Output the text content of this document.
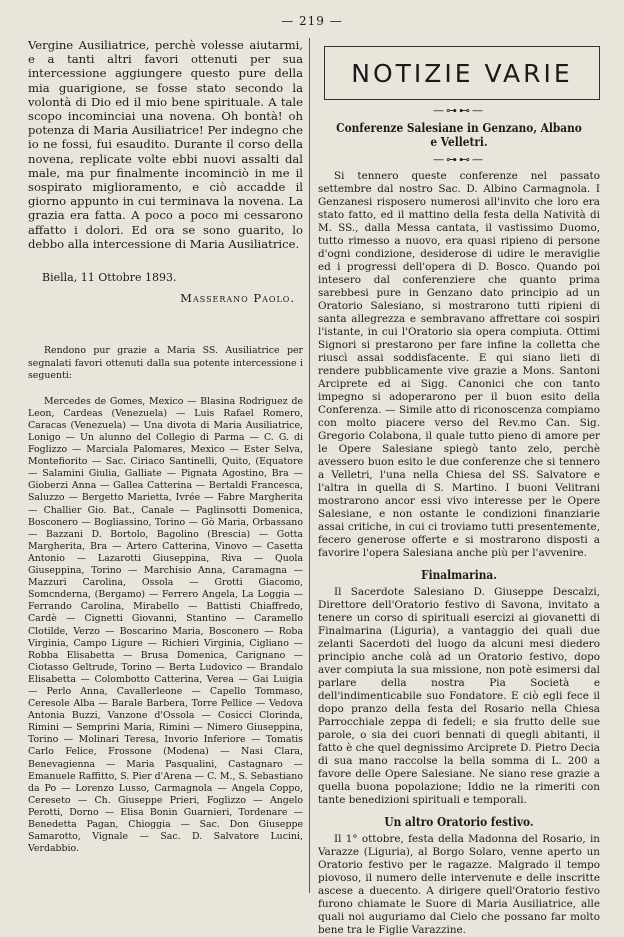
— 219 —

Vergine Ausiliatrice, perchè volesse aiutarmi, e a tanti altri favori ottenuti per sua intercessione aggiungere questo pure della mia guarigione, se fosse stato secondo la volontà di Dio ed il mio bene spirituale. A tale scopo incominciai una novena. Oh bontà! oh potenza di Maria Ausiliatrice! Per indegno che io ne fossi, fui esaudito. Durante il corso della novena, replicate volte ebbi nuovi assalti dal male, ma pur finalmente incominciò in me il sospirato miglioramento, e ciò accadde il giorno appunto in cui terminava la novena. La grazia era fatta. A poco a poco mi cessarono affatto i dolori. Ed ora se sono guarito, lo debbo alla intercessione di Maria Ausiliatrice.

Biella, 11 Ottobre 1893.

Masserano Paolo.

Rendono pur grazie a Maria SS. Ausiliatrice per segnalati favori ottenuti dalla sua potente intercessione i seguenti:

Mercedes de Gomes, Mexico — Blasina Rodriguez de Leon, Cardeas (Venezuela) — Luis Rafael Romero, Caracas (Venezuela) — Una divota di Maria Ausiliatrice, Lonigo — Un alunno del Collegio di Parma — C. G. di Foglizzo — Marciala Palomares, Mexico — Ester Selva, Montefiorito — Sac. Ciriaco Santinelli, Quito, (Equatore — Salamini Giulia, Galliate — Pignata Agostino, Bra — Gioberzi Anna — Gallea Catterina — Bertaldi Francesca, Saluzzo — Bergetto Marietta, Ivrée — Fabre Margherita — Challier Gio. Bat., Canale — Paglinsotti Domenica, Bosconero — Bogliassino, Torino — Gò Maria, Orbassano — Bazzani D. Bortolo, Bagolino (Brescia) — Gotta Margherita, Bra — Artero Catterina, Vinovo — Casetta Antonio — Lazarotti Giuseppina, Riva — Quola Giuseppina, Torino — Marchisio Anna, Caramagna — Mazzuri Carolina, Ossola — Grotti Giacomo, Somcnderna, (Bergamo) — Ferrero Angela, La Loggia — Ferrando Carolina, Mirabello — Battisti Chiaffredo, Cardè — Cignetti Giovanni, Stantino — Caramello Clotilde, Verzo — Boscarino Maria, Bosconero — Roba Virginia, Campo Ligure — Richieri Virginia, Cigliano — Robba Elisabetta — Brusa Domenica, Carignano — Ciotasso Geltrude, Torino — Berta Ludovico — Brandalo Elisabetta — Colombotto Catterina, Verea — Gai Luigia — Perlo Anna, Cavallerleone — Capello Tommaso, Ceresole Alba — Barale Barbera, Torre Pellice — Vedova Antonia Buzzi, Vanzone d'Ossola — Cosicci Clorinda, Rimini — Semprini Maria, Rimini — Nimero Giuseppina, Torino — Molinari Teresa, Invorio Inferiore — Tomatis Carlo Felice, Frossone (Modena) — Nasi Clara, Benevagienna — Maria Pasqualini, Castagnaro — Emanuele Raffitto, S. Pier d'Arena — C. M., S. Sebastiano da Po — Lorenzo Lusso, Carmagnola — Angela Coppo, Cereseto — Ch. Giuseppe Prieri, Foglizzo — Angelo Perotti, Dorno — Elisa Bonin Guarnieri, Tordenare — Benedetta Pagan, Chioggia — Sac. Don Giuseppe Samarotto, Vignale — Sac. D. Salvatore Lucini, Verdabbio.

NOTIZIE VARIE
—⊶⊷—
Conferenze Salesiane in Genzano, Albano e Velletri.
—⊶⊷—

Si tennero queste conferenze nel passato settembre dal nostro Sac. D. Albino Carmagnola. I Genzanesi risposero numerosi all'invito che loro era stato fatto, ed il mattino della festa della Natività di M. SS., dalla Messa cantata, il vastissimo Duomo, tutto rimesso a nuovo, era quasi ripieno di persone d'ogni condizione, desiderose di udire le meraviglie ed i progressi dell'opera di D. Bosco. Quando poi intesero dal conferenziere che quanto prima sarebbesi pure in Genzano dato principio ad un Oratorio Salesiano, si mostrarono tutti ripieni di santa allegrezza e sembravano affrettare coi sospiri l'istante, in cui l'Oratorio sia opera compiuta. Ottimi Signori si prestarono per fare infine la colletta che riuscì assai soddisfacente. E qui siano lieti di rendere pubblicamente vive grazie a Mons. Santoni Arciprete ed ai Sigg. Canonici che con tanto impegno si adoperarono per il buon esito della Conferenza. — Simile atto di riconoscenza compiamo con molto piacere verso del Rev.mo Can. Sig. Gregorio Colabona, il quale tutto pieno di amore per le Opere Salesiane spiegò tanto zelo, perchè avessero buon esito le due conferenze che si tennero a Velletri, l'una nella Chiesa del SS. Salvatore e l'altra in quella di S. Martino. I buoni Velitrani mostrarono ancor essi vivo interesse per le Opere Salesiane, e non ostante le condizioni finanziarie assai critiche, in cui ci troviamo tutti presentemente, fecero generose offerte e si mostrarono disposti a favorire l'opera Salesiana anche più per l'avvenire.

Finalmarina.

Il Sacerdote Salesiano D. Giuseppe Descalzi, Direttore dell'Oratorio festivo di Savona, invitato a tenere un corso di spirituali esercizi ai giovanetti di Finalmarina (Liguria), a vantaggio dei quali due zelanti Sacerdoti del luogo da alcuni mesi diedero principio anche colà ad un Oratorio festivo, dopo aver compiuta la sua missione, non potè esimersi dal parlare della nostra Pia Società e dell'indimenticabile suo Fondatore. E ciò egli fece il dopo pranzo della festa del Rosario nella Chiesa Parrocchiale zeppa di fedeli; e sia frutto delle sue parole, o sia dei cuori bennati di quegli abitanti, il fatto è che quel degnissimo Arciprete D. Pietro Decia di sua mano raccolse la bella somma di L. 200 a favore delle Opere Salesiane. Ne siano rese grazie a quella buona popolazione; Iddio ne la rimeriti con tante benedizioni spirituali e temporali.

Un altro Oratorio festivo.

Il 1° ottobre, festa della Madonna del Rosario, in Varazze (Liguria), al Borgo Solaro, venne aperto un Oratorio festivo per le ragazze. Malgrado il tempo piovoso, il numero delle intervenute e delle inscritte ascese a duecento. A dirigere quell'Oratorio festivo furono chiamate le Suore di Maria Ausiliatrice, alle quali noi auguriamo dal Cielo che possano far molto bene tra le Figlie Varazzine.
